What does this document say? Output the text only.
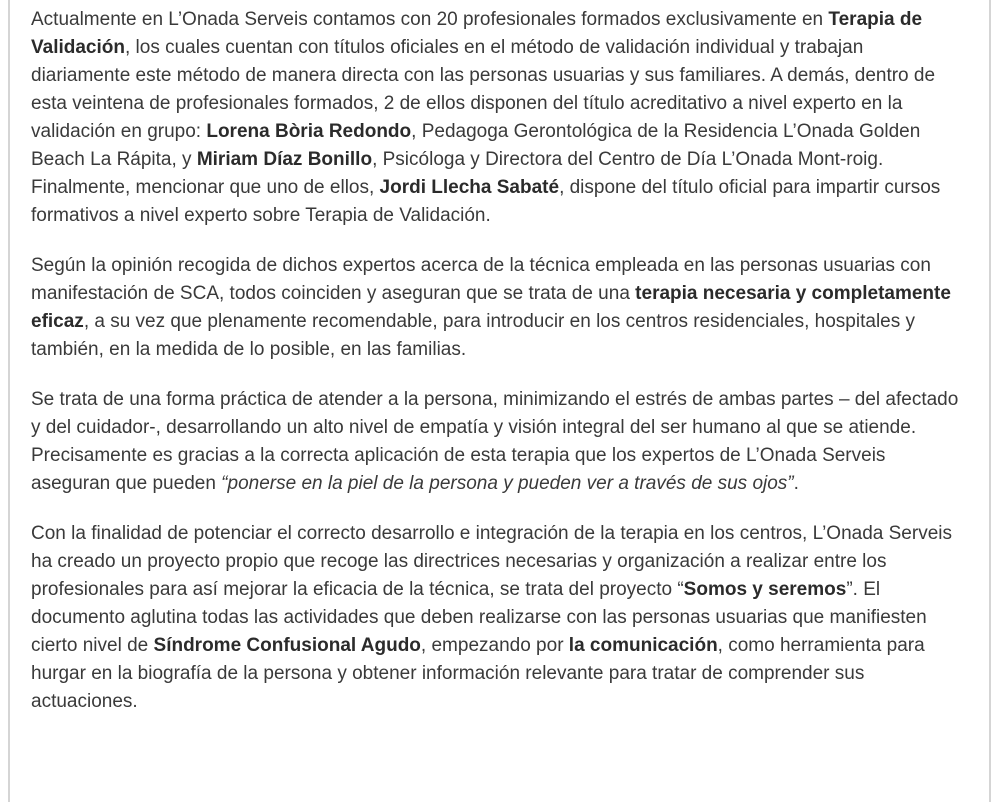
Actualmente en L’Onada Serveis contamos con 20 profesionales formados exclusivamente en Terapia de Validación, los cuales cuentan con títulos oficiales en el método de validación individual y trabajan diariamente este método de manera directa con las personas usuarias y sus familiares. A demás, dentro de esta veintena de profesionales formados, 2 de ellos disponen del título acreditativo a nivel experto en la validación en grupo: Lorena Bòria Redondo, Pedagoga Gerontológica de la Residencia L’Onada Golden Beach La Rápita, y Miriam Díaz Bonillo, Psicóloga y Directora del Centro de Día L’Onada Mont-roig. Finalmente, mencionar que uno de ellos, Jordi Llecha Sabaté, dispone del título oficial para impartir cursos formativos a nivel experto sobre Terapia de Validación.

Según la opinión recogida de dichos expertos acerca de la técnica empleada en las personas usuarias con manifestación de SCA, todos coinciden y aseguran que se trata de una terapia necesaria y completamente eficaz, a su vez que plenamente recomendable, para introducir en los centros residenciales, hospitales y también, en la medida de lo posible, en las familias.

Se trata de una forma práctica de atender a la persona, minimizando el estrés de ambas partes – del afectado y del cuidador-, desarrollando un alto nivel de empatía y visión integral del ser humano al que se atiende. Precisamente es gracias a la correcta aplicación de esta terapia que los expertos de L’Onada Serveis aseguran que pueden “ponerse en la piel de la persona y pueden ver a través de sus ojos”.

Con la finalidad de potenciar el correcto desarrollo e integración de la terapia en los centros, L’Onada Serveis ha creado un proyecto propio que recoge las directrices necesarias y organización a realizar entre los profesionales para así mejorar la eficacia de la técnica, se trata del proyecto “Somos y seremos”. El documento aglutina todas las actividades que deben realizarse con las personas usuarias que manifiesten cierto nivel de Síndrome Confusional Agudo, empezando por la comunicación, como herramienta para hurgar en la biografía de la persona y obtener información relevante para tratar de comprender sus actuaciones.
